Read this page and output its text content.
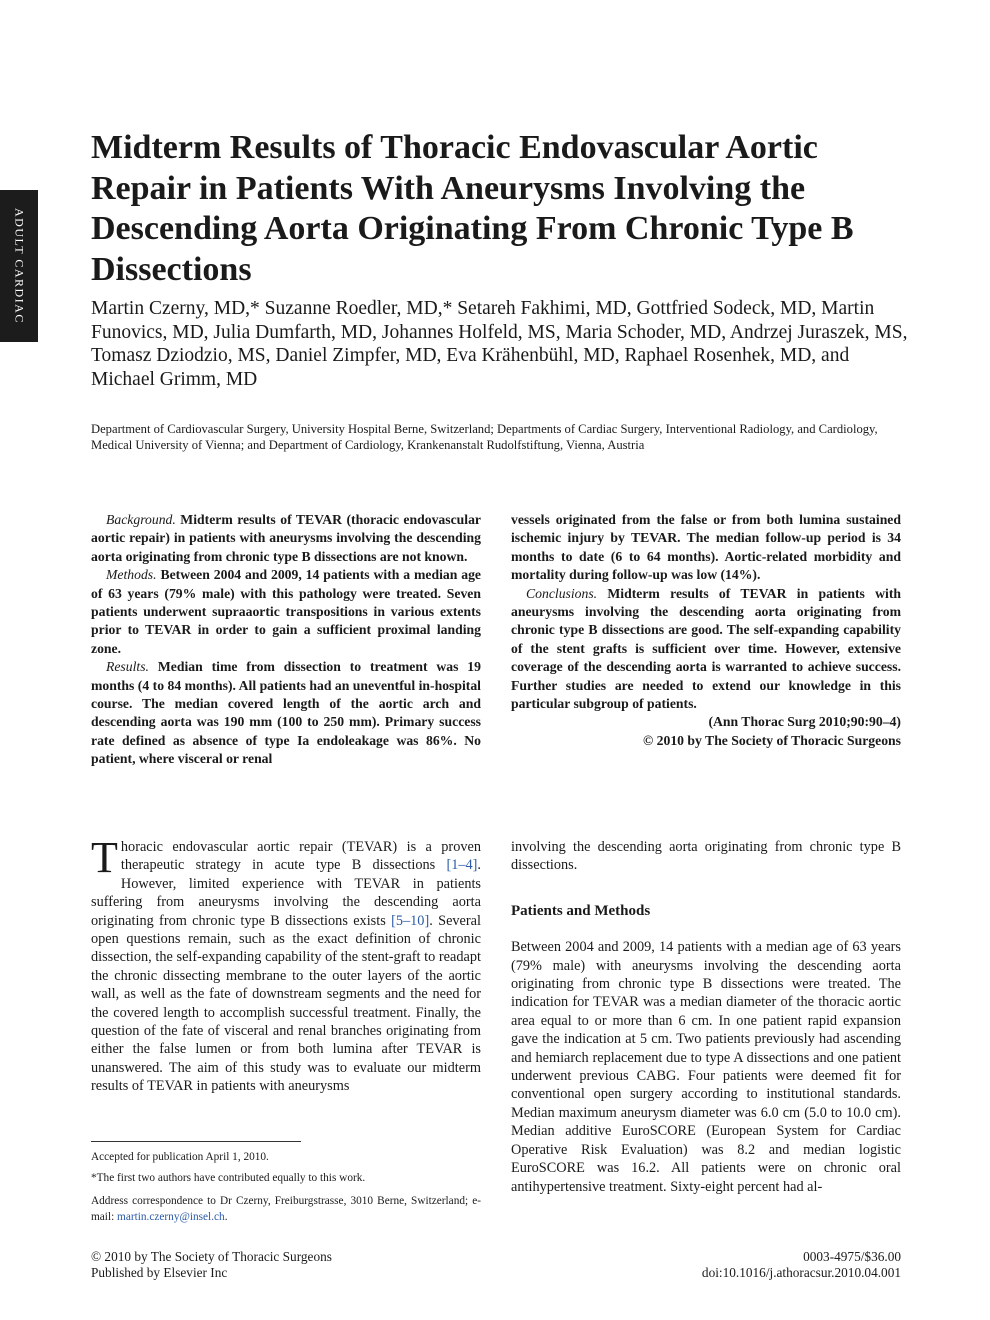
ADULT CARDIAC
Midterm Results of Thoracic Endovascular Aortic Repair in Patients With Aneurysms Involving the Descending Aorta Originating From Chronic Type B Dissections

Martin Czerny, MD,* Suzanne Roedler, MD,* Setareh Fakhimi, MD, Gottfried Sodeck, MD, Martin Funovics, MD, Julia Dumfarth, MD, Johannes Holfeld, MS, Maria Schoder, MD, Andrzej Juraszek, MS, Tomasz Dziodzio, MS, Daniel Zimpfer, MD, Eva Krähenbühl, MD, Raphael Rosenhek, MD, and Michael Grimm, MD

Department of Cardiovascular Surgery, University Hospital Berne, Switzerland; Departments of Cardiac Surgery, Interventional Radiology, and Cardiology, Medical University of Vienna; and Department of Cardiology, Krankenanstalt Rudolfstiftung, Vienna, Austria

Background. Midterm results of TEVAR (thoracic endovascular aortic repair) in patients with aneurysms involving the descending aorta originating from chronic type B dissections are not known.

Methods. Between 2004 and 2009, 14 patients with a median age of 63 years (79% male) with this pathology were treated. Seven patients underwent supraaortic transpositions in various extents prior to TEVAR in order to gain a sufficient proximal landing zone.

Results. Median time from dissection to treatment was 19 months (4 to 84 months). All patients had an uneventful in-hospital course. The median covered length of the aortic arch and descending aorta was 190 mm (100 to 250 mm). Primary success rate defined as absence of type Ia endoleakage was 86%. No patient, where visceral or renal

vessels originated from the false or from both lumina sustained ischemic injury by TEVAR. The median follow-up period is 34 months to date (6 to 64 months). Aortic-related morbidity and mortality during follow-up was low (14%).

Conclusions. Midterm results of TEVAR in patients with aneurysms involving the descending aorta originating from chronic type B dissections are good. The self-expanding capability of the stent grafts is sufficient over time. However, extensive coverage of the descending aorta is warranted to achieve success. Further studies are needed to extend our knowledge in this particular subgroup of patients.

(Ann Thorac Surg 2010;90:90–4)

© 2010 by The Society of Thoracic Surgeons

Thoracic endovascular aortic repair (TEVAR) is a proven therapeutic strategy in acute type B dissections [1–4]. However, limited experience with TEVAR in patients suffering from aneurysms involving the descending aorta originating from chronic type B dissections exists [5–10]. Several open questions remain, such as the exact definition of chronic dissection, the self-expanding capability of the stent-graft to readapt the chronic dissecting membrane to the outer layers of the aortic wall, as well as the fate of downstream segments and the need for the covered length to accomplish successful treatment. Finally, the question of the fate of visceral and renal branches originating from either the false lumen or from both lumina after TEVAR is unanswered. The aim of this study was to evaluate our midterm results of TEVAR in patients with aneurysms

involving the descending aorta originating from chronic type B dissections.

Patients and Methods

Between 2004 and 2009, 14 patients with a median age of 63 years (79% male) with aneurysms involving the descending aorta originating from chronic type B dissections were treated. The indication for TEVAR was a median diameter of the thoracic aortic area equal to or more than 6 cm. In one patient rapid expansion gave the indication at 5 cm. Two patients previously had ascending and hemiarch replacement due to type A dissections and one patient underwent previous CABG. Four patients were deemed fit for conventional open surgery according to institutional standards. Median maximum aneurysm diameter was 6.0 cm (5.0 to 10.0 cm). Median additive EuroSCORE (European System for Cardiac Operative Risk Evaluation) was 8.2 and median logistic EuroSCORE was 16.2. All patients were on chronic oral antihypertensive treatment. Sixty-eight percent had al-

Accepted for publication April 1, 2010.

*The first two authors have contributed equally to this work.

Address correspondence to Dr Czerny, Freiburgstrasse, 3010 Berne, Switzerland; e-mail: martin.czerny@insel.ch.

© 2010 by The Society of Thoracic Surgeons
Published by Elsevier Inc
0003-4975/$36.00
doi:10.1016/j.athoracsur.2010.04.001
